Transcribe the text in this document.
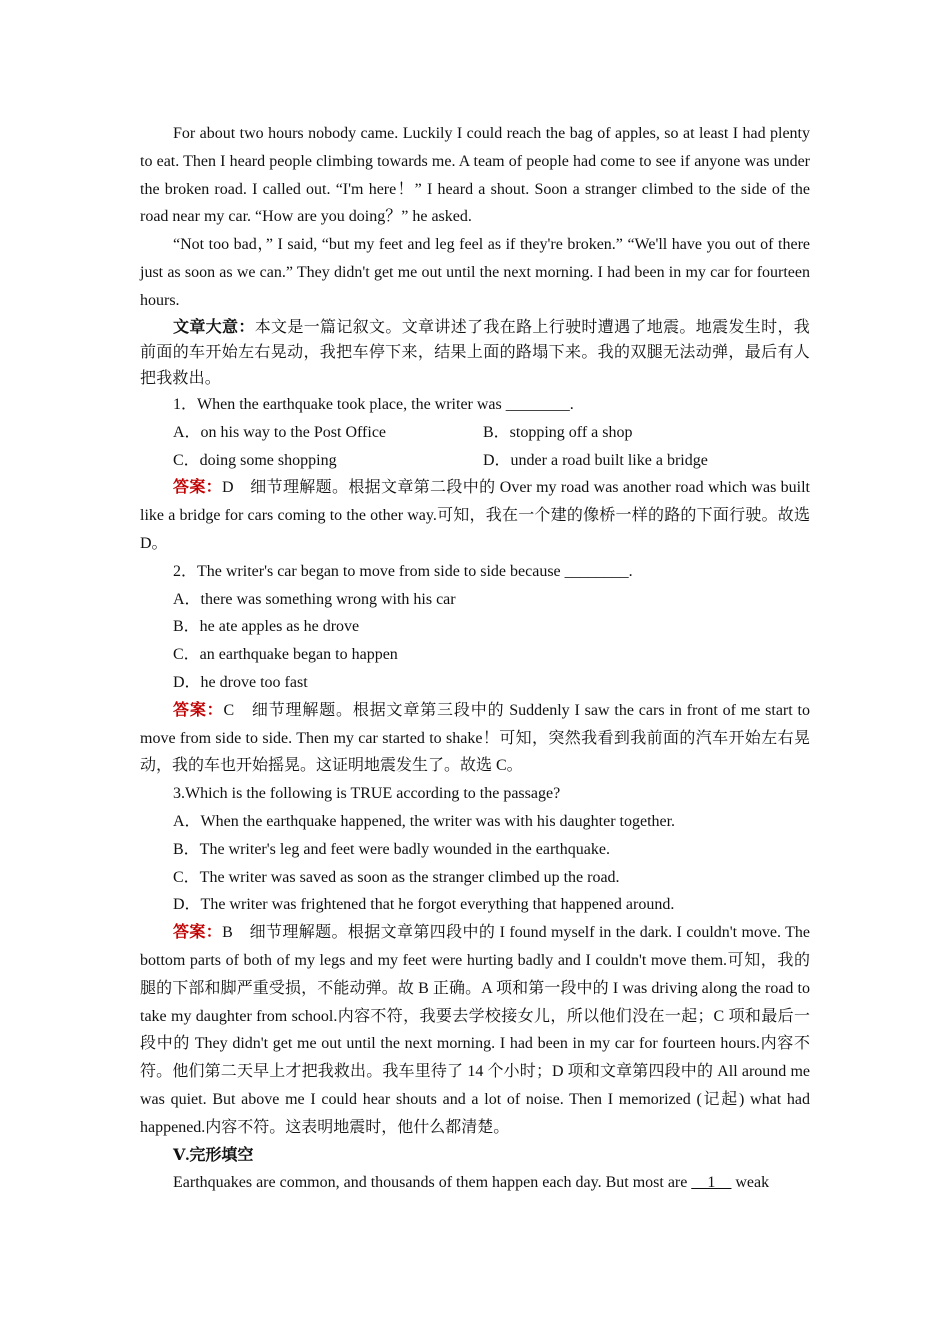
For about two hours nobody came. Luckily I could reach the bag of apples, so at least I had plenty to eat. Then I heard people climbing towards me. A team of people had come to see if anyone was under the broken road. I called out. “I'm here！” I heard a shout. Soon a stranger climbed to the side of the road near my car. “How are you doing？” he asked.

“Not too bad，” I said, “but my feet and leg feel as if they're broken.” “We'll have you out of there just as soon as we can.” They didn't get me out until the next morning. I had been in my car for fourteen hours.

文章大意：本文是一篇记叙文。文章讲述了我在路上行驶时遭遇了地震。地震发生时，我前面的车开始左右晃动，我把车停下来，结果上面的路塌下来。我的双腿无法动弹，最后有人把我救出。

1．When the earthquake took place, the writer was ________.

A．on his way to the Post Office	B．stopping off a shop
C．doing some shopping	D．under a road built like a bridge

答案：D　细节理解题。根据文章第二段中的 Over my road was another road which was built like a bridge for cars coming to the other way.可知，我在一个建的像桥一样的路的下面行驶。故选 D。

2．The writer's car began to move from side to side because ________.

A．there was something wrong with his car
B．he ate apples as he drove
C．an earthquake began to happen
D．he drove too fast

答案：C　细节理解题。根据文章第三段中的 Suddenly I saw the cars in front of me start to move from side to side. Then my car started to shake！可知，突然我看到我前面的汽车开始左右晃动，我的车也开始摇晃。这证明地震发生了。故选 C。

3.Which is the following is TRUE according to the passage?

A．When the earthquake happened, the writer was with his daughter together.
B．The writer's leg and feet were badly wounded in the earthquake.
C．The writer was saved as soon as the stranger climbed up the road.
D．The writer was frightened that he forgot everything that happened around.

答案：B　细节理解题。根据文章第四段中的 I found myself in the dark. I couldn't move. The bottom parts of both of my legs and my feet were hurting badly and I couldn't move them.可知，我的腿的下部和脚严重受损，不能动弹。故 B 正确。A 项和第一段中的 I was driving along the road to take my daughter from school.内容不符，我要去学校接女儿，所以他们没在一起；C 项和最后一段中的 They didn't get me out until the next morning. I had been in my car for fourteen hours.内容不符。他们第二天早上才把我救出。我车里待了 14 个小时；D 项和文章第四段中的 All around me was quiet. But above me I could hear shouts and a lot of noise. Then I memorized (记起) what had happened.内容不符。这表明地震时，他什么都清楚。

Ⅴ.完形填空

Earthquakes are common, and thousands of them happen each day. But most are __1__ weak
